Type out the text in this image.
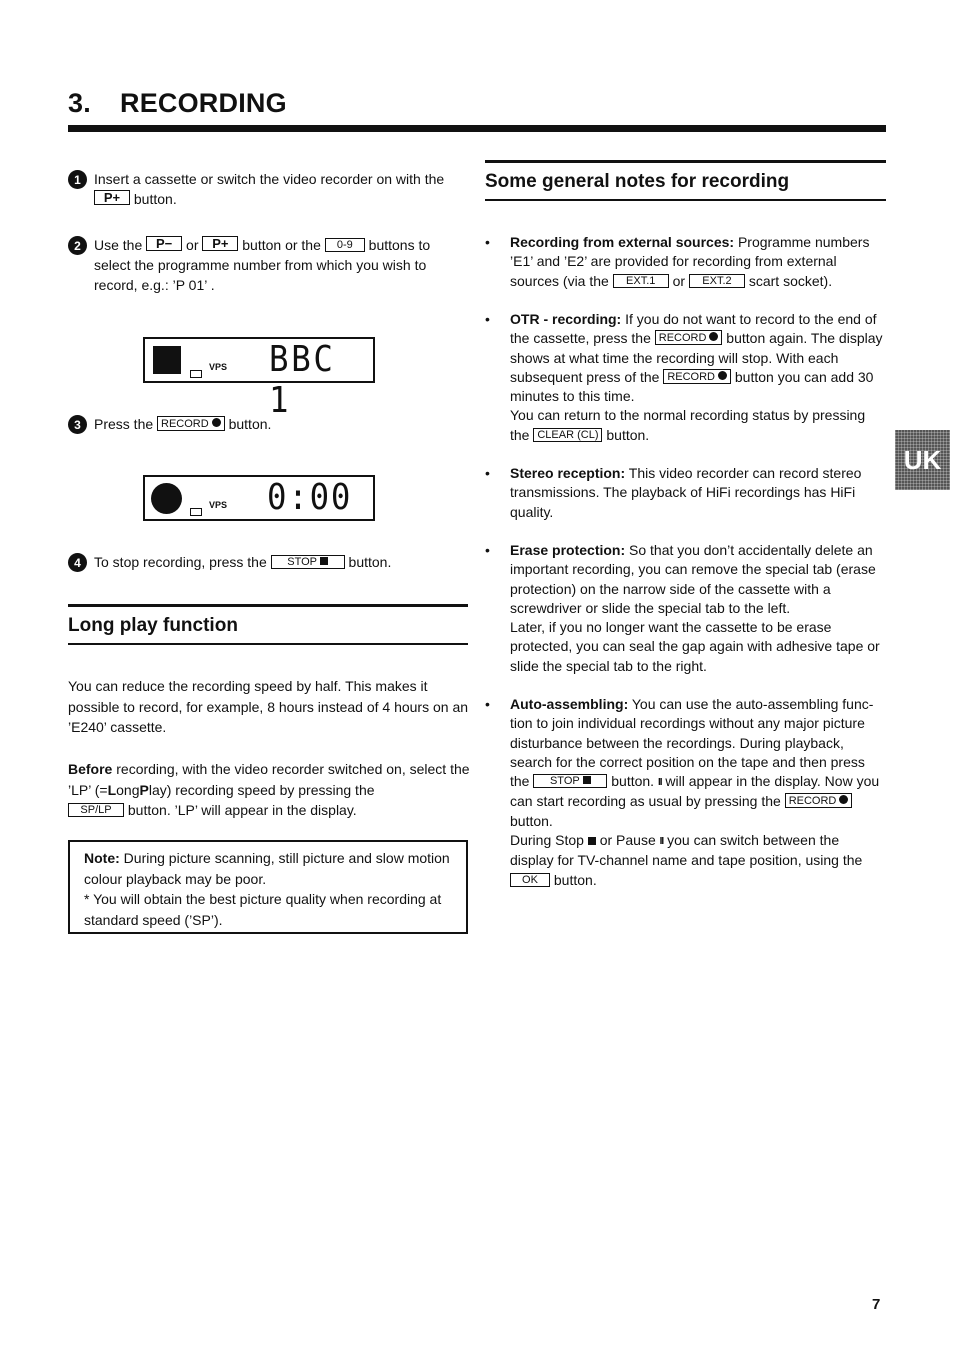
3. RECORDING
1 Insert a cassette or switch the video recorder on with the P+ button.
2 Use the P− or P+ button or the 0-9 buttons to select the programme number from which you wish to record, e.g.: ’P 01’ .
VPS BBC 1
3 Press the RECORD button.
VPS 0:00
4 To stop recording, press the STOP button.
Long play function
You can reduce the recording speed by half. This makes it possible to record, for example, 8 hours instead of 4 hours on an ’E240’ cassette.
Before recording, with the video recorder switched on, select the ’LP’ (=LongPlay) recording speed by pressing the
SP/LP button. ’LP’ will appear in the display.
Note: During picture scanning, still picture and slow motion colour playback may be poor.
* You will obtain the best picture quality when recording at standard speed (’SP’).
Some general notes for recording
• Recording from external sources: Programme numbers ’E1’ and ’E2’ are provided for recording from external sources (via the EXT.1 or EXT.2 scart socket).
• OTR - recording: If you do not want to record to the end of the cassette, press the RECORD button again. The display shows at what time the recording will stop. With each subsequent press of the RECORD button you can add 30 minutes to this time.
You can return to the normal recording status by pressing the CLEAR (CL) button.
• Stereo reception: This video recorder can record stereo transmissions. The playback of HiFi recordings has HiFi quality.
• Erase protection: So that you don’t accidentally delete an important recording, you can remove the special tab (erase protection) on the narrow side of the cassette with a screwdriver or slide the special tab to the left.
Later, if you no longer want the cassette to be erase protected, you can seal the gap again with adhesive tape or slide the special tab to the right.
• Auto-assembling: You can use the auto-assembling func-tion to join individual recordings without any major picture disturbance between the recordings. During playback, search for the correct position on the tape and then press the STOP button. II will appear in the display. Now you can start recording as usual by pressing the RECORD button.
During Stop  or Pause II you can switch between the display for TV-channel name and tape position, using the
OK button.
UK
7
